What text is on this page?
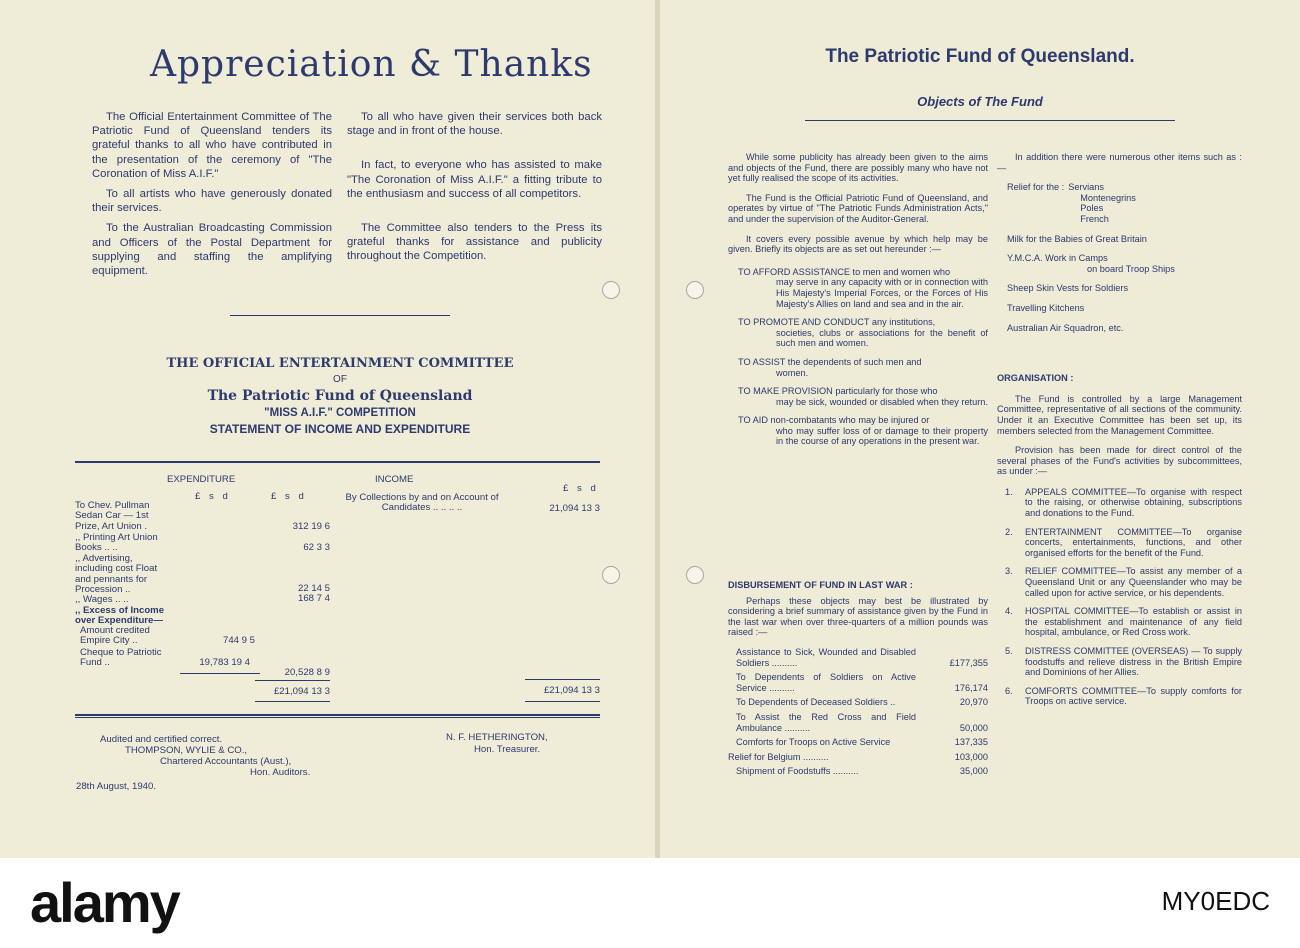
Appreciation & Thanks
The Official Entertainment Committee of The Patriotic Fund of Queensland tenders its grateful thanks to all who have contributed in the presentation of the ceremony of "The Coronation of Miss A.I.F."
To all artists who have generously donated their services.
To the Australian Broadcasting Commission and Officers of the Postal Department for supplying and staffing the amplifying equipment.
To all who have given their services both back stage and in front of the house.
In fact, to everyone who has assisted to make "The Coronation of Miss A.I.F." a fitting tribute to the enthusiasm and success of all competitors.
The Committee also tenders to the Press its grateful thanks for assistance and publicity throughout the Competition.
THE OFFICIAL ENTERTAINMENT COMMITTEE
OF
The Patriotic Fund of Queensland
"MISS A.I.F." COMPETITION
STATEMENT OF INCOME AND EXPENDITURE
EXPENDITURE	INCOME
£ s d	£ s d
£ s d
To Chev. Pullman Sedan Car — 1st Prize, Art Union .	312 19 6
,, Printing Art Union Books .. ..	62 3 3
,, Advertising, including cost Float and pennants for Procession ..	22 14 5
,, Wages .. ..	168 7 4
,, Excess of Income over Expenditure—
Amount credited Empire City ..	744 9 5
Cheque to Patriotic Fund ..	19,783 19 4
20,528 8 9
£21,094 13 3
By Collections by and on Account of Candidates .. .. .. ..	21,094 13 3
£21,094 13 3
Audited and certified correct.
THOMPSON, WYLIE & CO.,
Chartered Accountants (Aust.),
Hon. Auditors.
28th August, 1940.
N. F. HETHERINGTON,
Hon. Treasurer.
The Patriotic Fund of Queensland.
Objects of The Fund
While some publicity has already been given to the aims and objects of the Fund, there are possibly many who have not yet fully realised the scope of its activities.
The Fund is the Official Patriotic Fund of Queensland, and operates by virtue of "The Patriotic Funds Administration Acts," and under the supervision of the Auditor-General.
It covers every possible avenue by which help may be given. Briefly its objects are as set out hereunder :—
TO AFFORD ASSISTANCE to men and women who
may serve in any capacity with or in connection with His Majesty's Imperial Forces, or the Forces of His Majesty's Allies on land and sea and in the air.
TO PROMOTE AND CONDUCT any institutions,
societies, clubs or associations for the benefit of such men and women.
TO ASSIST the dependents of such men and
women.
TO MAKE PROVISION particularly for those who
may be sick, wounded or disabled when they return.
TO AID non-combatants who may be injured or
who may suffer loss of or damage to their property in the course of any operations in the present war.
DISBURSEMENT OF FUND IN LAST WAR :
Perhaps these objects may best be illustrated by considering a brief summary of assistance given by the Fund in the last war when over three-quarters of a million pounds was raised :—
Assistance to Sick, Wounded and Disabled Soldiers ..........	£177,355
To Dependents of Soldiers on Active Service ..........	176,174
To Dependents of Deceased Soldiers ..	20,970
To Assist the Red Cross and Field Ambulance ..........	50,000
Comforts for Troops on Active Service	137,335
Relief for Belgium ..........	103,000
Shipment of Foodstuffs ..........	35,000
In addition there were numerous other items such as :—
Relief for the : Servians
Montenegrins
Poles
French
Milk for the Babies of Great Britain
Y.M.C.A. Work in Camps
on board Troop Ships
Sheep Skin Vests for Soldiers
Travelling Kitchens
Australian Air Squadron, etc.
ORGANISATION :
The Fund is controlled by a large Management Committee, representative of all sections of the community. Under it an Executive Committee has been set up, its members selected from the Management Committee.
Provision has been made for direct control of the several phases of the Fund's activities by subcommittees, as under :—
1.	APPEALS COMMITTEE—To organise with respect to the raising, or otherwise obtaining, subscriptions and donations to the Fund.
2.	ENTERTAINMENT COMMITTEE—To organise concerts, entertainments, functions, and other organised efforts for the benefit of the Fund.
3.	RELIEF COMMITTEE—To assist any member of a Queensland Unit or any Queenslander who may be called upon for active service, or his dependents.
4.	HOSPITAL COMMITTEE—To establish or assist in the establishment and maintenance of any field hospital, ambulance, or Red Cross work.
5.	DISTRESS COMMITTEE (OVERSEAS) — To supply foodstuffs and relieve distress in the British Empire and Dominions of her Allies.
6.	COMFORTS COMMITTEE—To supply comforts for Troops on active service.
alamy	MY0EDC
